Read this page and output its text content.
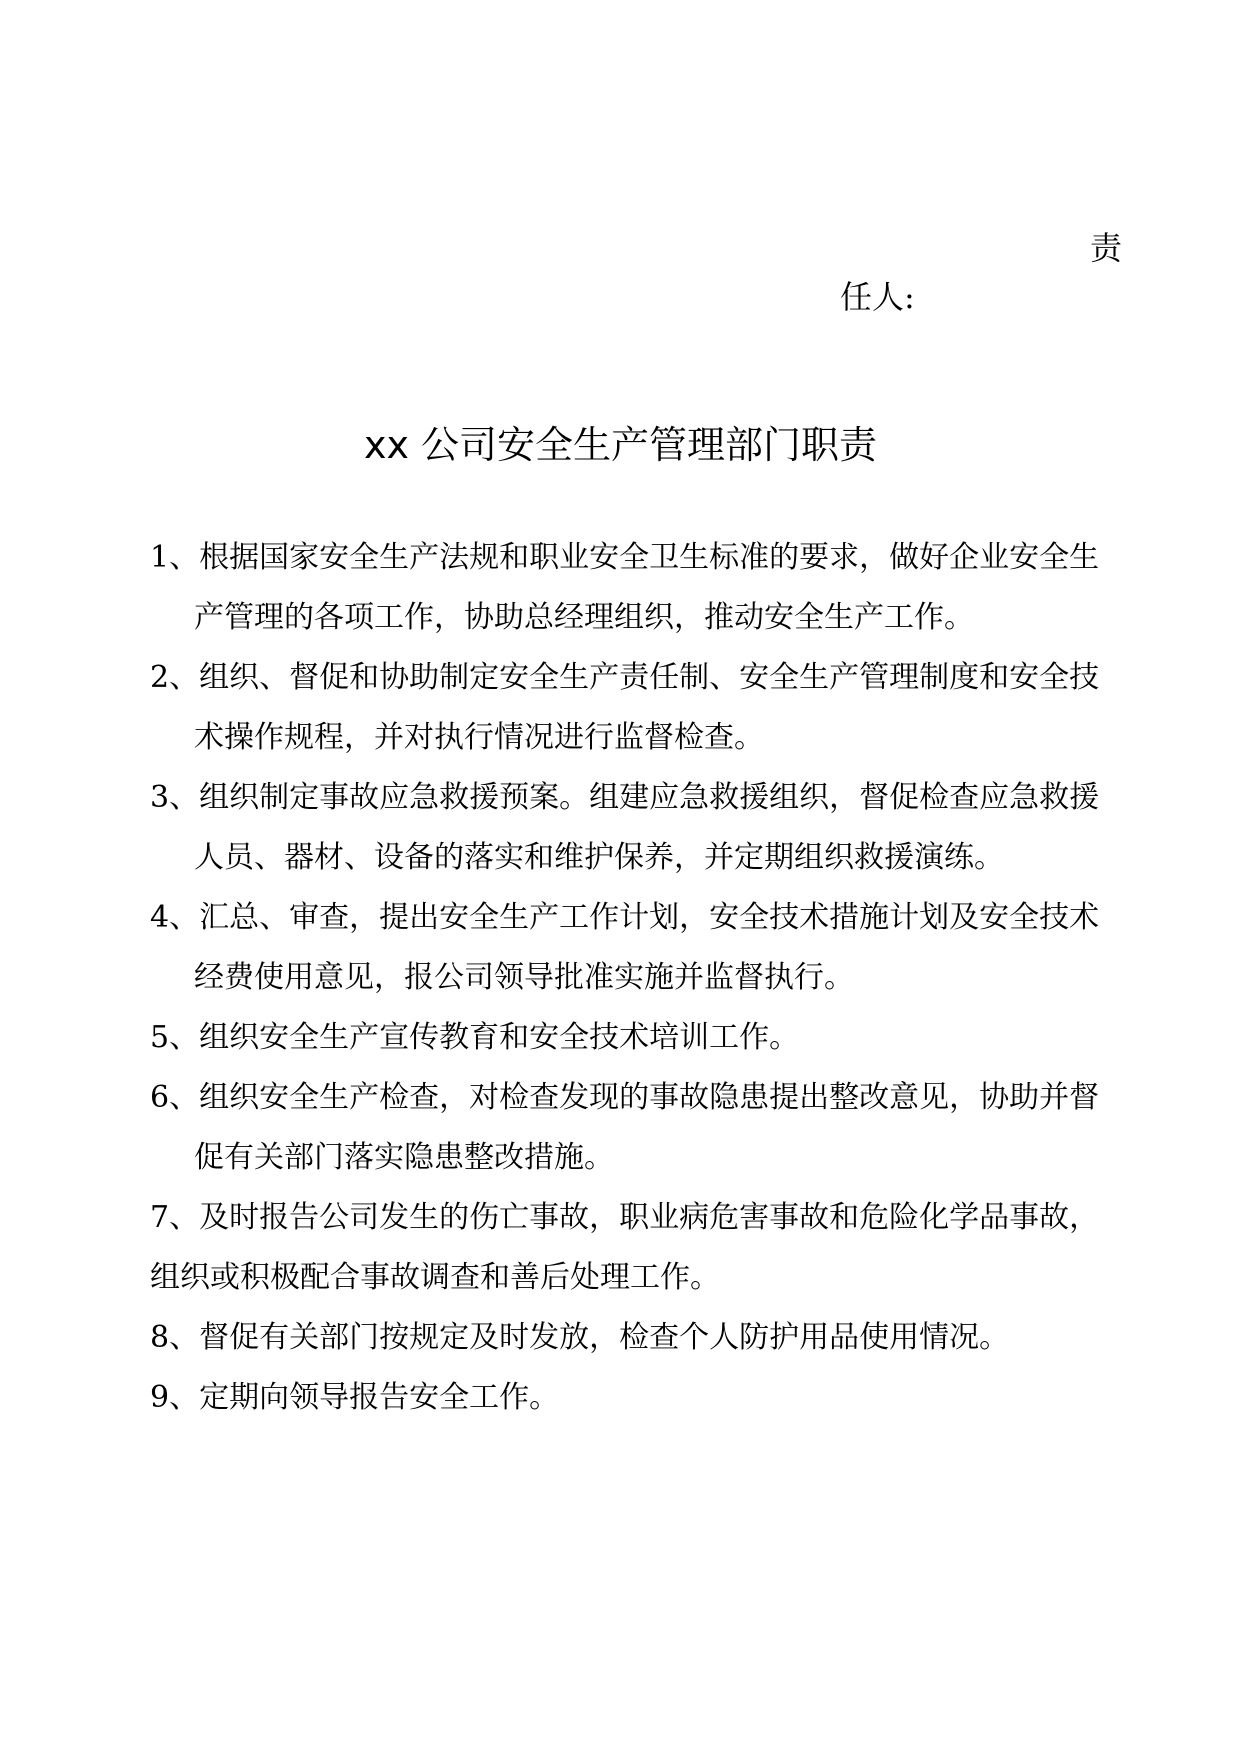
责
任人:
xx 公司安全生产管理部门职责
1、根据国家安全生产法规和职业安全卫生标准的要求，做好企业安全生
产管理的各项工作，协助总经理组织，推动安全生产工作。
2、组织、督促和协助制定安全生产责任制、安全生产管理制度和安全技
术操作规程，并对执行情况进行监督检查。
3、组织制定事故应急救援预案。组建应急救援组织，督促检查应急救援
人员、器材、设备的落实和维护保养，并定期组织救援演练。
4、汇总、审查，提出安全生产工作计划，安全技术措施计划及安全技术
经费使用意见，报公司领导批准实施并监督执行。
5、组织安全生产宣传教育和安全技术培训工作。
6、组织安全生产检查，对检查发现的事故隐患提出整改意见，协助并督
促有关部门落实隐患整改措施。
7、及时报告公司发生的伤亡事故，职业病危害事故和危险化学品事故，
组织或积极配合事故调查和善后处理工作。
8、督促有关部门按规定及时发放，检查个人防护用品使用情况。
9、定期向领导报告安全工作。
